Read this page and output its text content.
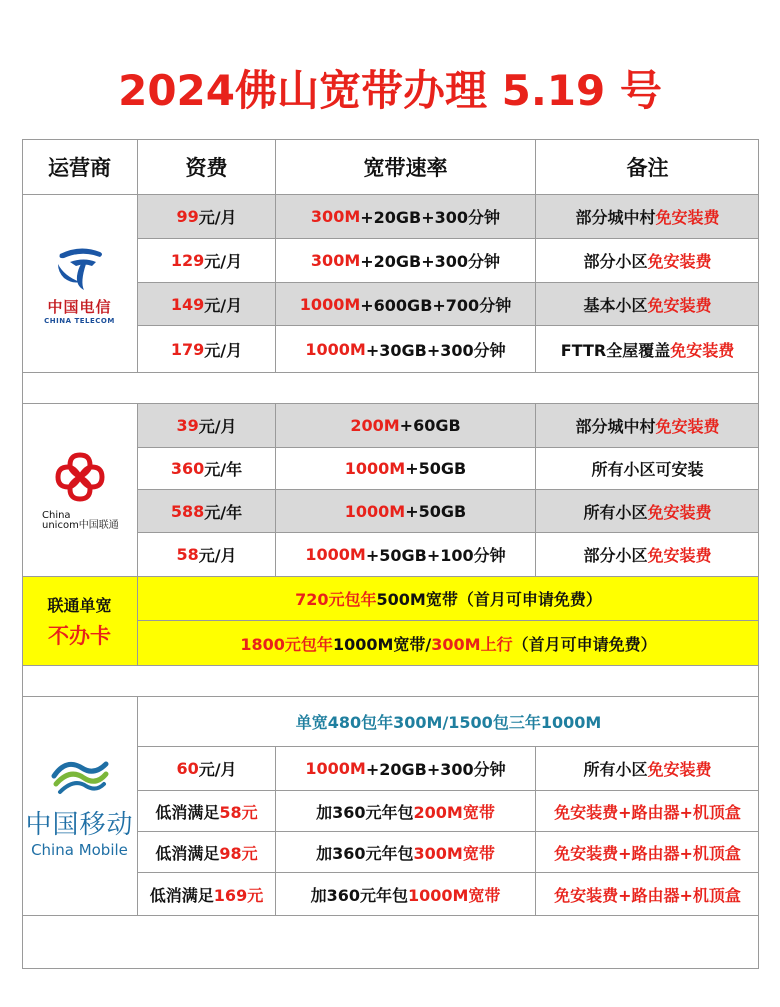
2024佛山宽带办理 5.19 号
运营商	资费	宽带速率	备注
中国电信
CHINA TELECOM
99 元/月	300M +20GB+300分钟	部分城中村 免安装费
129 元/月	300M +20GB+300分钟	部分小区 免安装费
149 元/月	1000M +600GB+700分钟	基本小区 免安装费
179 元/月	1000M +30GB+300分钟	FTTR全屋覆盖 免安装费
China
unicom中国联通
39 元/月	200M +60GB	部分城中村 免安装费
360 元/年	1000M +50GB	所有小区可安装
588 元/年	1000M +50GB	所有小区 免安装费
58 元/月	1000M +50GB+100分钟	部分小区 免安装费
联通单宽
不办卡
720元包年 500M宽带（首月可申请免费）
1800元包年 1000M宽带/ 300M上行 （首月可申请免费）
中国移动
China Mobile
单宽480包年300M/1500包三年1000M
60 元/月	1000M +20GB+300分钟	所有小区 免安装费
低消满足 58元	加360元年包 200M宽带	免安装费+路由器+机顶盒
低消满足 98元	加360元年包 300M宽带	免安装费+路由器+机顶盒
低消满足 169元	加360元年包 1000M宽带	免安装费+路由器+机顶盒
